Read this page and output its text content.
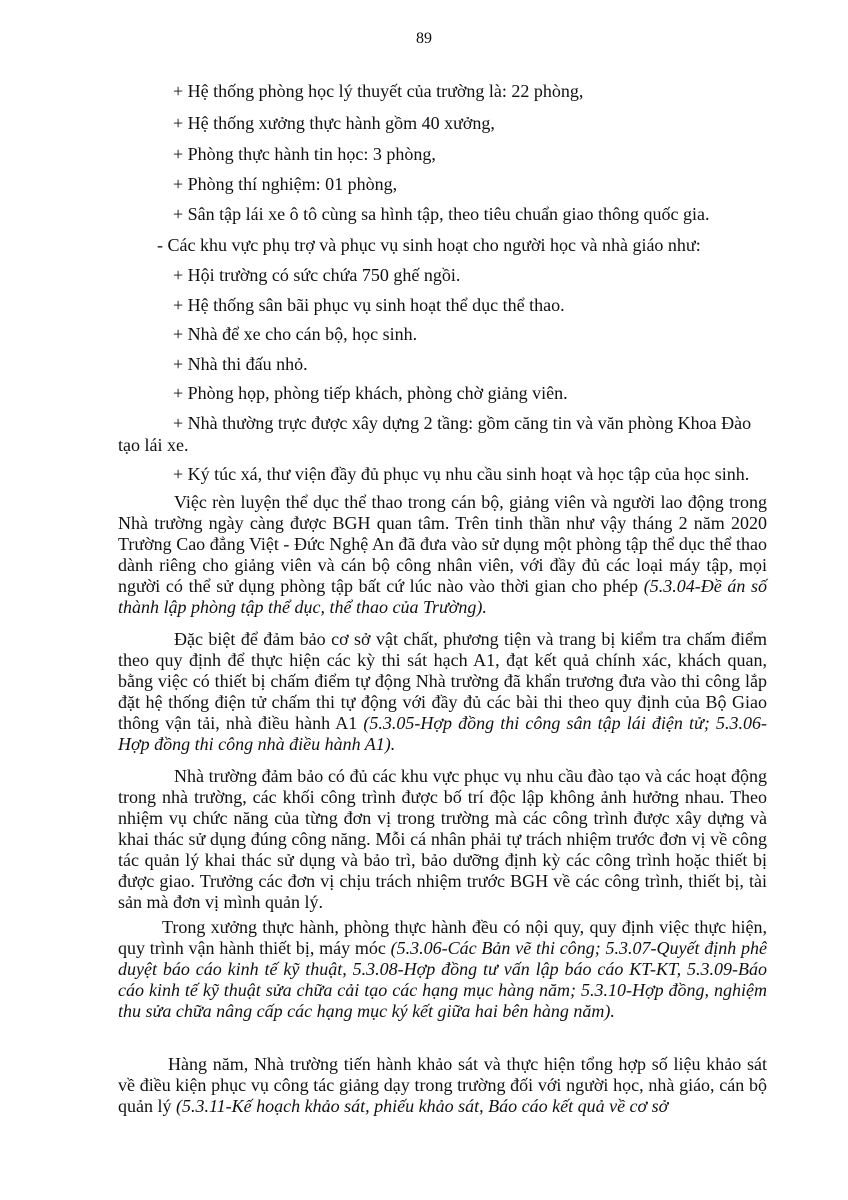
89
+ Hệ thống phòng học lý thuyết của trường là: 22 phòng,
+ Hệ thống xưởng thực hành gồm 40 xưởng,
+ Phòng thực hành tin học: 3 phòng,
+ Phòng thí nghiệm: 01 phòng,
+ Sân tập lái xe ô tô cùng sa hình tập, theo tiêu chuẩn giao thông quốc gia.
- Các khu vực phụ trợ và phục vụ sinh hoạt cho người học và nhà giáo như:
+ Hội trường có sức chứa 750 ghế ngồi.
+ Hệ thống sân bãi phục vụ sinh hoạt thể dục thể thao.
+ Nhà để xe cho cán bộ, học sinh.
+ Nhà thi đấu nhỏ.
+ Phòng họp, phòng tiếp khách, phòng chờ giảng viên.
+ Nhà thường trực được xây dựng 2 tầng: gồm căng tin và văn phòng Khoa Đào
tạo lái xe.
+ Ký túc xá, thư viện đầy đủ phục vụ nhu cầu sinh hoạt và học tập của học sinh.
Việc rèn luyện thể dục thể thao trong cán bộ, giảng viên và người lao động trong Nhà trường ngày càng được BGH quan tâm. Trên tinh thần như vậy tháng 2 năm 2020 Trường Cao đẳng Việt - Đức Nghệ An đã đưa vào sử dụng một phòng tập thể dục thể thao dành riêng cho giảng viên và cán bộ công nhân viên, với đầy đủ các loại máy tập, mọi người có thể sử dụng phòng tập bất cứ lúc nào vào thời gian cho phép (5.3.04-Đề án số thành lập phòng tập thể dục, thể thao của Trường).
Đặc biệt để đảm bảo cơ sở vật chất, phương tiện và trang bị kiểm tra chấm điểm theo quy định để thực hiện các kỳ thi sát hạch A1, đạt kết quả chính xác, khách quan, bằng việc có thiết bị chấm điểm tự động Nhà trường đã khẩn trương đưa vào thi công lắp đặt hệ thống điện tử chấm thi tự động với đầy đủ các bài thi theo quy định của Bộ Giao thông vận tải, nhà điều hành A1 (5.3.05-Hợp đồng thi công sân tập lái điện tử; 5.3.06-Hợp đồng thi công nhà điều hành A1).
Nhà trường đảm bảo có đủ các khu vực phục vụ nhu cầu đào tạo và các hoạt động trong nhà trường, các khối công trình được bố trí độc lập không ảnh hưởng nhau. Theo nhiệm vụ chức năng của từng đơn vị trong trường mà các công trình được xây dựng và khai thác sử dụng đúng công năng. Mỗi cá nhân phải tự trách nhiệm trước đơn vị về công tác quản lý khai thác sử dụng và bảo trì, bảo dưỡng định kỳ các công trình hoặc thiết bị được giao. Trưởng các đơn vị chịu trách nhiệm trước BGH về các công trình, thiết bị, tài sản mà đơn vị mình quản lý.
Trong xưởng thực hành, phòng thực hành đều có nội quy, quy định việc thực hiện, quy trình vận hành thiết bị, máy móc (5.3.06-Các Bản vẽ thi công; 5.3.07-Quyết định phê duyệt báo cáo kinh tế kỹ thuật, 5.3.08-Hợp đồng tư vấn lập báo cáo KT-KT, 5.3.09-Báo cáo kinh tế kỹ thuật sửa chữa cải tạo các hạng mục hàng năm; 5.3.10-Hợp đồng, nghiệm thu sửa chữa nâng cấp các hạng mục ký kết giữa hai bên hàng năm).
Hàng năm, Nhà trường tiến hành khảo sát và thực hiện tổng hợp số liệu khảo sát về điều kiện phục vụ công tác giảng dạy trong trường đối với người học, nhà giáo, cán bộ quản lý (5.3.11-Kế hoạch khảo sát, phiếu khảo sát, Báo cáo kết quả về cơ sở
